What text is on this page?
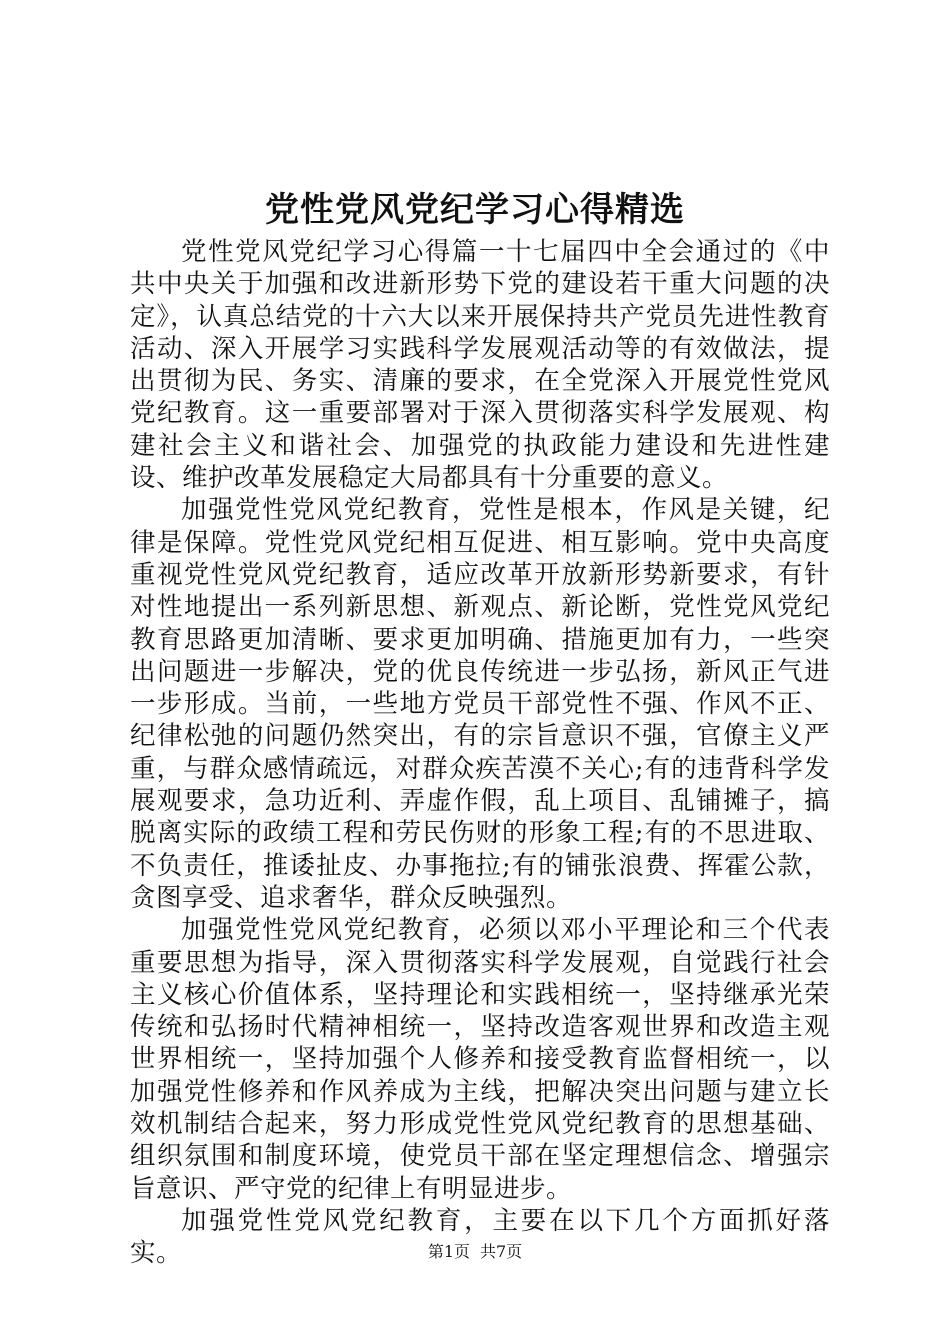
党性党风党纪学习心得精选

党性党风党纪学习心得篇一十七届四中全会通过的《中共中央关于加强和改进新形势下党的建设若干重大问题的决定》，认真总结党的十六大以来开展保持共产党员先进性教育活动、深入开展学习实践科学发展观活动等的有效做法，提出贯彻为民、务实、清廉的要求，在全党深入开展党性党风党纪教育。这一重要部署对于深入贯彻落实科学发展观、构建社会主义和谐社会、加强党的执政能力建设和先进性建设、维护改革发展稳定大局都具有十分重要的意义。

加强党性党风党纪教育，党性是根本，作风是关键，纪律是保障。党性党风党纪相互促进、相互影响。党中央高度重视党性党风党纪教育，适应改革开放新形势新要求，有针对性地提出一系列新思想、新观点、新论断，党性党风党纪教育思路更加清晰、要求更加明确、措施更加有力，一些突出问题进一步解决，党的优良传统进一步弘扬，新风正气进一步形成。当前，一些地方党员干部党性不强、作风不正、纪律松弛的问题仍然突出，有的宗旨意识不强，官僚主义严重，与群众感情疏远，对群众疾苦漠不关心;有的违背科学发展观要求，急功近利、弄虚作假，乱上项目、乱铺摊子，搞脱离实际的政绩工程和劳民伤财的形象工程;有的不思进取、不负责任，推诿扯皮、办事拖拉;有的铺张浪费、挥霍公款，贪图享受、追求奢华，群众反映强烈。

加强党性党风党纪教育，必须以邓小平理论和三个代表重要思想为指导，深入贯彻落实科学发展观，自觉践行社会主义核心价值体系，坚持理论和实践相统一，坚持继承光荣传统和弘扬时代精神相统一，坚持改造客观世界和改造主观世界相统一，坚持加强个人修养和接受教育监督相统一，以加强党性修养和作风养成为主线，把解决突出问题与建立长效机制结合起来，努力形成党性党风党纪教育的思想基础、组织氛围和制度环境，使党员干部在坚定理想信念、增强宗旨意识、严守党的纪律上有明显进步。

加强党性党风党纪教育，主要在以下几个方面抓好落实。	第1页 共7页
